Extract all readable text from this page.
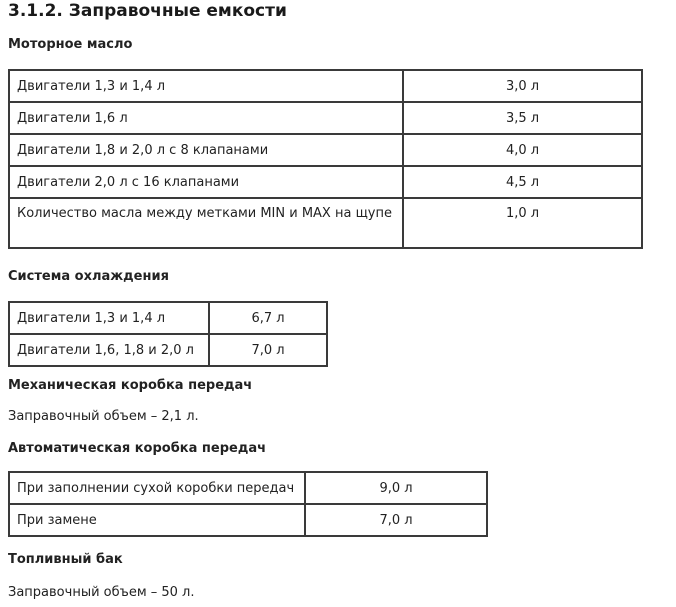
3.1.2. Заправочные емкости
Моторное масло
Двигатели 1,3 и 1,4 л	3,0 л
Двигатели 1,6 л	3,5 л
Двигатели 1,8 и 2,0 л с 8 клапанами	4,0 л
Двигатели 2,0 л с 16 клапанами	4,5 л
Количество масла между метками MIN и MAX на щупе	1,0 л
Система охлаждения
Двигатели 1,3 и 1,4 л	6,7 л
Двигатели 1,6, 1,8 и 2,0 л	7,0 л
Механическая коробка передач

Заправочный объем – 2,1 л.

Автоматическая коробка передач
При заполнении сухой коробки передач	9,0 л
При замене	7,0 л
Топливный бак

Заправочный объем – 50 л.
